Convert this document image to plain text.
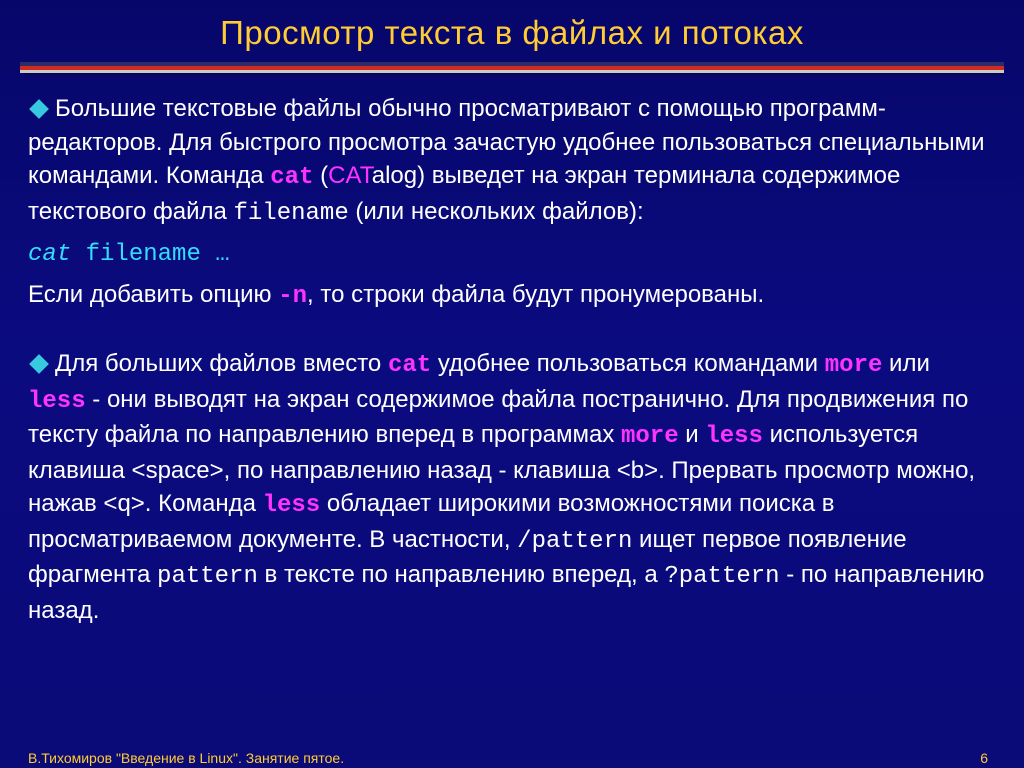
Просмотр текста в файлах и потоках

Большие текстовые файлы обычно просматривают с помощью программ-редакторов. Для быстрого просмотра зачастую удобнее пользоваться специальными командами. Команда cat (CATalog) выведет на экран терминала содержимое текстового файла filename (или нескольких файлов):

cat filename …

Если добавить опцию -n, то строки файла будут пронумерованы.

Для больших файлов вместо cat удобнее пользоваться командами more или less - они выводят на экран содержимое файла постранично. Для продвижения по тексту файла по направлению вперед в программах more и less используется клавиша <space>, по направлению назад - клавиша <b>. Прервать просмотр можно, нажав <q>. Команда less обладает широкими возможностями поиска в просматриваемом документе. В частности, /pattern ищет первое появление фрагмента pattern в тексте по направлению вперед, а ?pattern - по направлению назад.

В.Тихомиров "Введение в Linux". Занятие пятое.	6
